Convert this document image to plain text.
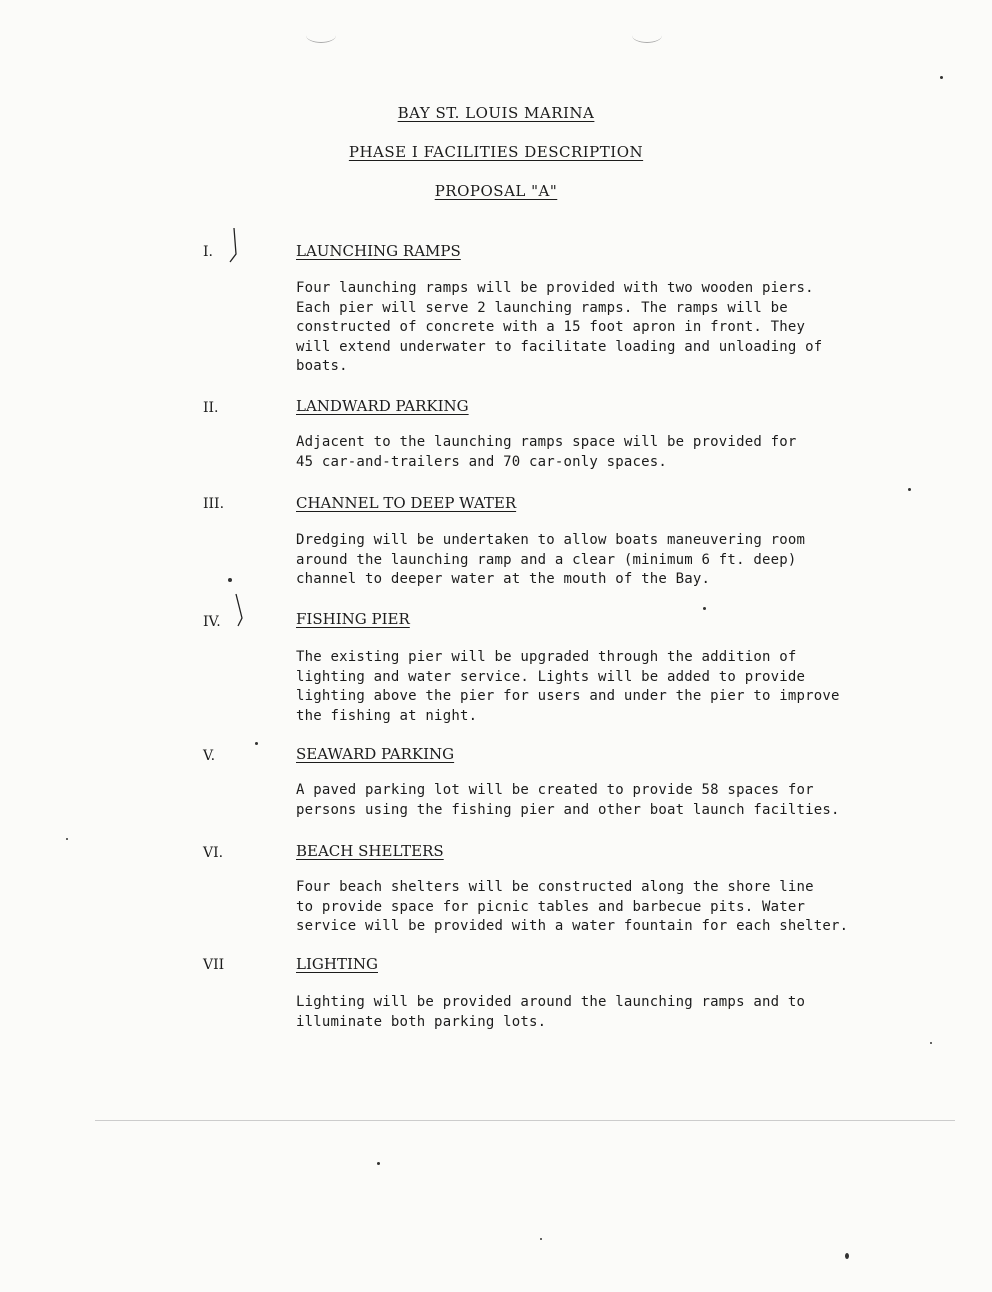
BAY ST. LOUIS MARINA
PHASE I FACILITIES DESCRIPTION
PROPOSAL "A"
I.	LAUNCHING RAMPS
Four launching ramps will be provided with two wooden piers.
Each pier will serve 2 launching ramps. The ramps will be
constructed of concrete with a 15 foot apron in front. They
will extend underwater to facilitate loading and unloading of
boats.
II.	LANDWARD PARKING
Adjacent to the launching ramps space will be provided for
45 car-and-trailers and 70 car-only spaces.
III.	CHANNEL TO DEEP WATER
Dredging will be undertaken to allow boats maneuvering room
around the launching ramp and a clear (minimum 6 ft. deep)
channel to deeper water at the mouth of the Bay.
IV.	FISHING PIER
The existing pier will be upgraded through the addition of
lighting and water service. Lights will be added to provide
lighting above the pier for users and under the pier to improve
the fishing at night.
V.	SEAWARD PARKING
A paved parking lot will be created to provide 58 spaces for
persons using the fishing pier and other boat launch facilties.
VI.	BEACH SHELTERS
Four beach shelters will be constructed along the shore line
to provide space for picnic tables and barbecue pits. Water
service will be provided with a water fountain for each shelter.
VII	LIGHTING
Lighting will be provided around the launching ramps and to
illuminate both parking lots.
